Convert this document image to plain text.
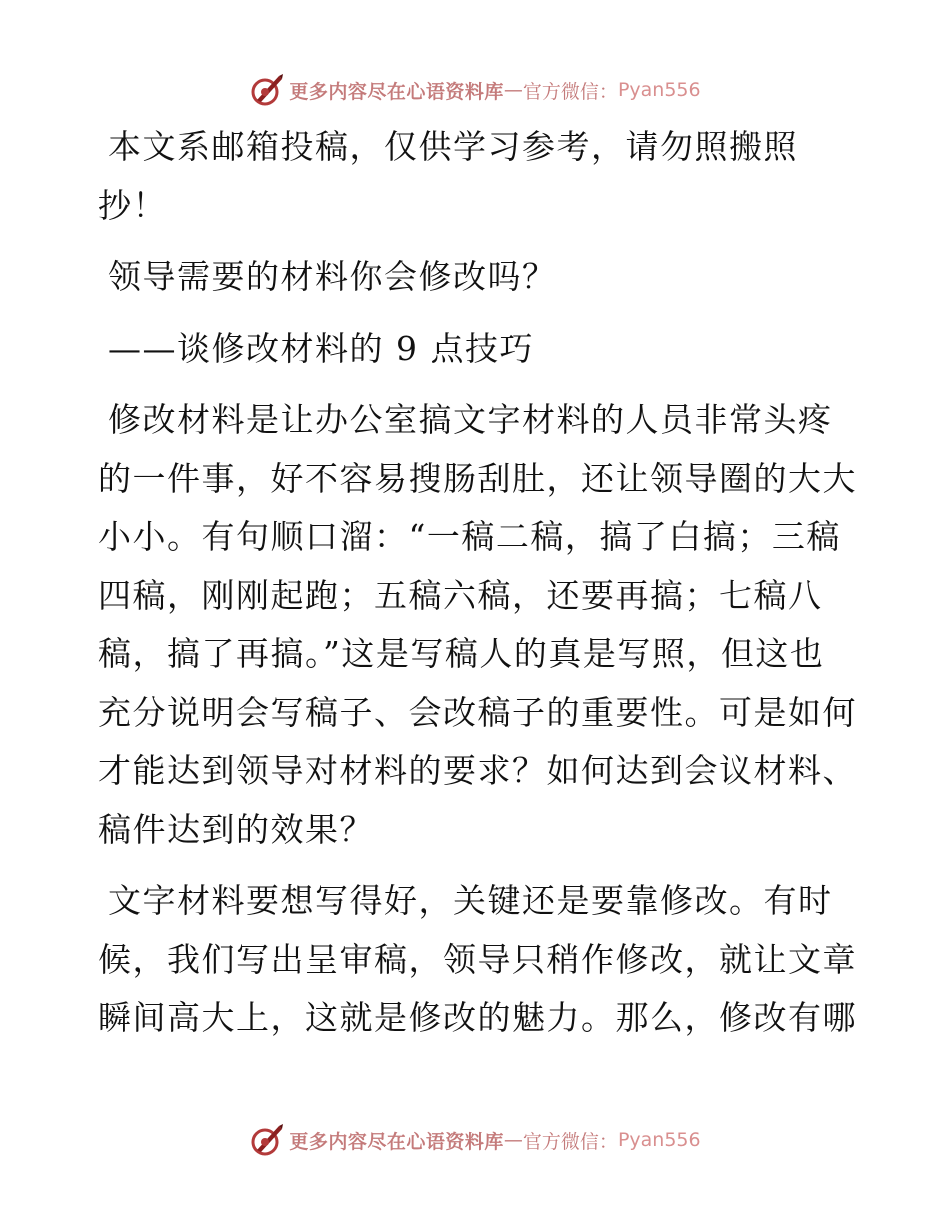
更多内容尽在心语资料库 — 官方微信： Pyan556

本文系邮箱投稿，仅供学习参考，请勿照搬照抄！

领导需要的材料你会修改吗？

——谈修改材料的 9 点技巧

修改材料是让办公室搞文字材料的人员非常头疼的一件事，好不容易搜肠刮肚，还让领导圈的大大小小。有句顺口溜：“一稿二稿，搞了白搞；三稿四稿，刚刚起跑；五稿六稿，还要再搞；七稿八稿，搞了再搞。”这是写稿人的真是写照，但这也充分说明会写稿子、会改稿子的重要性。可是如何才能达到领导对材料的要求？如何达到会议材料、稿件达到的效果？

文字材料要想写得好，关键还是要靠修改。有时候，我们写出呈审稿，领导只稍作修改，就让文章瞬间高大上，这就是修改的魅力。那么，修改有哪

更多内容尽在心语资料库 — 官方微信： Pyan556
